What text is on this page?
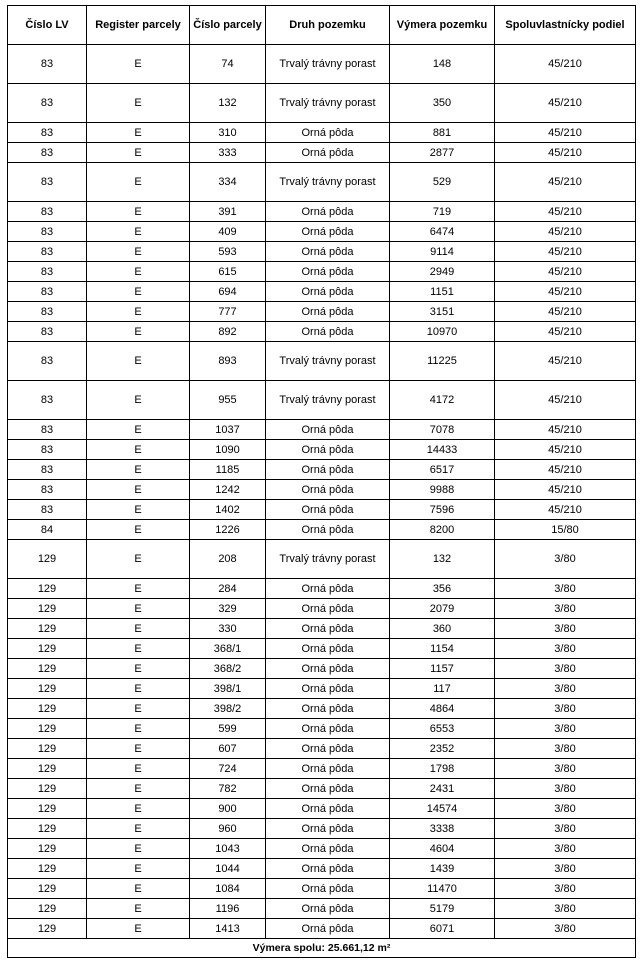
Číslo LV	Register parcely	Číslo parcely	Druh pozemku	Výmera pozemku	Spoluvlastnícky podiel
83	E	74	Trvalý trávny porast	148	45/210
83	E	132	Trvalý trávny porast	350	45/210
83	E	310	Orná pôda	881	45/210
83	E	333	Orná pôda	2877	45/210
83	E	334	Trvalý trávny porast	529	45/210
83	E	391	Orná pôda	719	45/210
83	E	409	Orná pôda	6474	45/210
83	E	593	Orná pôda	9114	45/210
83	E	615	Orná pôda	2949	45/210
83	E	694	Orná pôda	1151	45/210
83	E	777	Orná pôda	3151	45/210
83	E	892	Orná pôda	10970	45/210
83	E	893	Trvalý trávny porast	11225	45/210
83	E	955	Trvalý trávny porast	4172	45/210
83	E	1037	Orná pôda	7078	45/210
83	E	1090	Orná pôda	14433	45/210
83	E	1185	Orná pôda	6517	45/210
83	E	1242	Orná pôda	9988	45/210
83	E	1402	Orná pôda	7596	45/210
84	E	1226	Orná pôda	8200	15/80
129	E	208	Trvalý trávny porast	132	3/80
129	E	284	Orná pôda	356	3/80
129	E	329	Orná pôda	2079	3/80
129	E	330	Orná pôda	360	3/80
129	E	368/1	Orná pôda	1154	3/80
129	E	368/2	Orná pôda	1157	3/80
129	E	398/1	Orná pôda	117	3/80
129	E	398/2	Orná pôda	4864	3/80
129	E	599	Orná pôda	6553	3/80
129	E	607	Orná pôda	2352	3/80
129	E	724	Orná pôda	1798	3/80
129	E	782	Orná pôda	2431	3/80
129	E	900	Orná pôda	14574	3/80
129	E	960	Orná pôda	3338	3/80
129	E	1043	Orná pôda	4604	3/80
129	E	1044	Orná pôda	1439	3/80
129	E	1084	Orná pôda	11470	3/80
129	E	1196	Orná pôda	5179	3/80
129	E	1413	Orná pôda	6071	3/80
Výmera spolu: 25.661,12 m²					
